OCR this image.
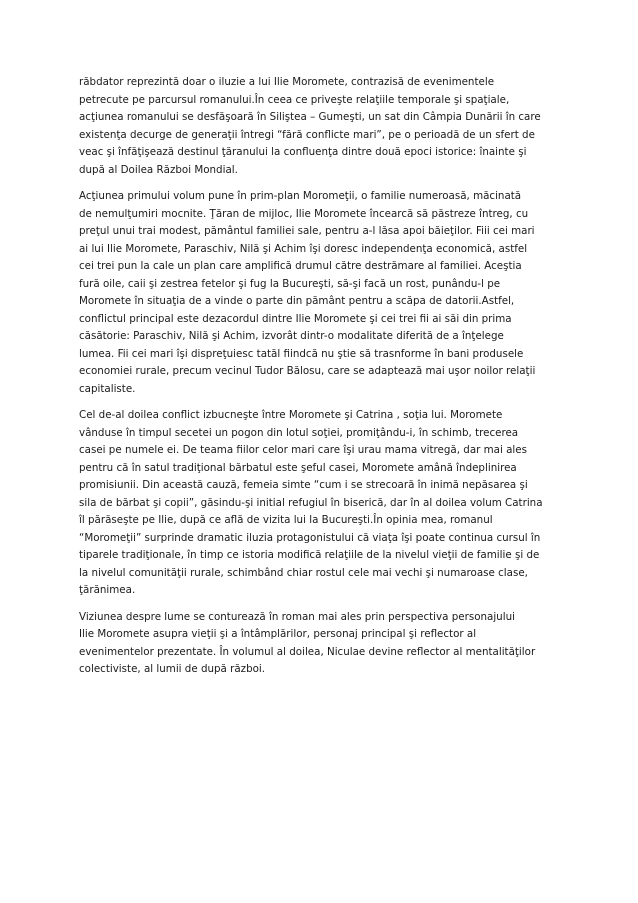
răbdator reprezintă doar o iluzie a lui Ilie Moromete, contrazisă de evenimentele
petrecute pe parcursul romanului.În ceea ce priveşte relaţiile temporale şi spaţiale,
acţiunea romanului se desfăşoară în Siliştea – Gumeşti, un sat din Câmpia Dunării în care
existenţa decurge de generaţii întregi “fără conflicte mari”, pe o perioadă de un sfert de
veac şi înfăţişează destinul ţăranului la confluenţa dintre două epoci istorice: înainte şi
după al Doilea Război Mondial.

Acţiunea primului volum pune în prim-plan Moromeţii, o familie numeroasă, măcinată
de nemulţumiri mocnite. Ţăran de mijloc, Ilie Moromete încearcă să păstreze întreg, cu
preţul unui trai modest, pământul familiei sale, pentru a-l lăsa apoi băieţilor. Fiii cei mari
ai lui Ilie Moromete, Paraschiv, Nilă şi Achim îşi doresc independenţa economică, astfel
cei trei pun la cale un plan care amplifică drumul către destrămare al familiei. Aceştia
fură oile, caii şi zestrea fetelor şi fug la Bucureşti, să-şi facă un rost, punându-l pe
Moromete în situaţia de a vinde o parte din pământ pentru a scăpa de datorii.Astfel,
conflictul principal este dezacordul dintre Ilie Moromete şi cei trei fii ai săi din prima
căsătorie: Paraschiv, Nilă şi Achim, izvorât dintr-o modalitate diferită de a înţelege
lumea. Fii cei mari îşi dispreţuiesc tatăl fiindcă nu ştie să trasnforme în bani produsele
economiei rurale, precum vecinul Tudor Bălosu, care se adaptează mai uşor noilor relaţii
capitaliste.

Cel de-al doilea conflict izbucneşte între Moromete şi Catrina , soţia lui. Moromete
vânduse în timpul secetei un pogon din lotul soţiei, promiţându-i, în schimb, trecerea
casei pe numele ei. De teama fiilor celor mari care îşi urau mama vitregă, dar mai ales
pentru că în satul tradiţional bărbatul este şeful casei, Moromete amână îndeplinirea
promisiunii. Din această cauză, femeia simte “cum i se strecoară în inimă nepăsarea şi
sila de bărbat şi copii”, găsindu-şi initial refugiul în biserică, dar în al doilea volum Catrina
îl părăseşte pe Ilie, după ce află de vizita lui la Bucureşti.În opinia mea, romanul
“Moromeţii” surprinde dramatic iluzia protagonistului că viaţa îşi poate continua cursul în
tiparele tradiţionale, în timp ce istoria modifică relaţiile de la nivelul vieţii de familie şi de
la nivelul comunităţii rurale, schimbând chiar rostul cele mai vechi şi numaroase clase,
ţărănimea.

Viziunea despre lume se conturează în roman mai ales prin perspectiva personajului
Ilie Moromete asupra vieţii şi a întâmplărilor, personaj principal şi reflector al
evenimentelor prezentate. În volumul al doilea, Niculae devine reflector al mentalităţilor
colectiviste, al lumii de după război.
